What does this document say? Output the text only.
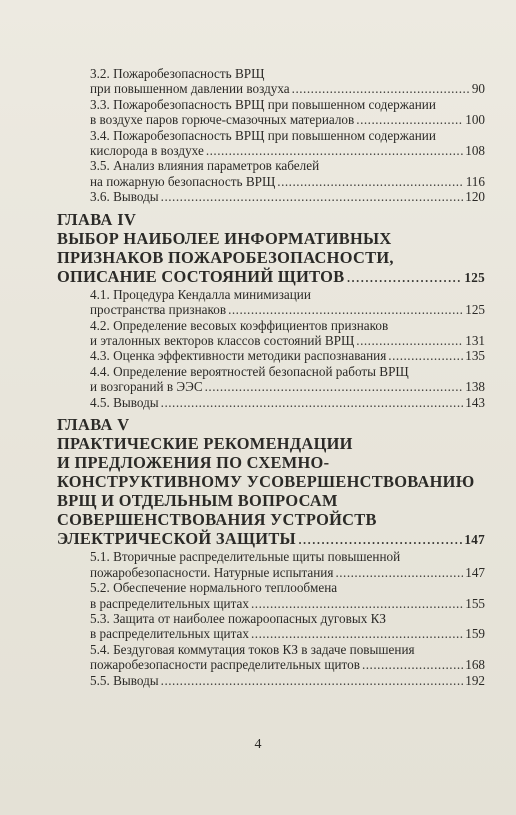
3.2. Пожаробезопасность ВРЩ
при повышенном давлении воздуха .....	90
3.3. Пожаробезопасность ВРЩ при повышенном содержании
в воздухе паров горюче-смазочных материалов .....	100
3.4. Пожаробезопасность ВРЩ при повышенном содержании
кислорода в воздухе .....	108
3.5. Анализ влияния параметров кабелей
на пожарную безопасность ВРЩ .....	116
3.6. Выводы .....	120
ГЛАВА IV
ВЫБОР НАИБОЛЕЕ ИНФОРМАТИВНЫХ
ПРИЗНАКОВ ПОЖАРОБЕЗОПАСНОСТИ,
ОПИСАНИЕ СОСТОЯНИЙ ЩИТОВ .....	125
4.1. Процедура Кендалла минимизации
пространства признаков .....	125
4.2. Определение весовых коэффициентов признаков
и эталонных векторов классов состояний ВРЩ .....	131
4.3. Оценка эффективности методики распознавания .....	135
4.4. Определение вероятностей безопасной работы ВРЩ
и возгораний в ЭЭС .....	138
4.5. Выводы .....	143
ГЛАВА V
ПРАКТИЧЕСКИЕ РЕКОМЕНДАЦИИ
И ПРЕДЛОЖЕНИЯ ПО СХЕМНО-
КОНСТРУКТИВНОМУ УСОВЕРШЕНСТВОВАНИЮ
ВРЩ И ОТДЕЛЬНЫМ ВОПРОСАМ
СОВЕРШЕНСТВОВАНИЯ УСТРОЙСТВ
ЭЛЕКТРИЧЕСКОЙ ЗАЩИТЫ .....	147
5.1. Вторичные распределительные щиты повышенной
пожаробезопасности. Натурные испытания .....	147
5.2. Обеспечение нормального теплообмена
в распределительных щитах .....	155
5.3. Защита от наиболее пожароопасных дуговых КЗ
в распределительных щитах .....	159
5.4. Бездуговая коммутация токов КЗ в задаче повышения
пожаробезопасности распределительных щитов .....	168
5.5. Выводы .....	192
4
